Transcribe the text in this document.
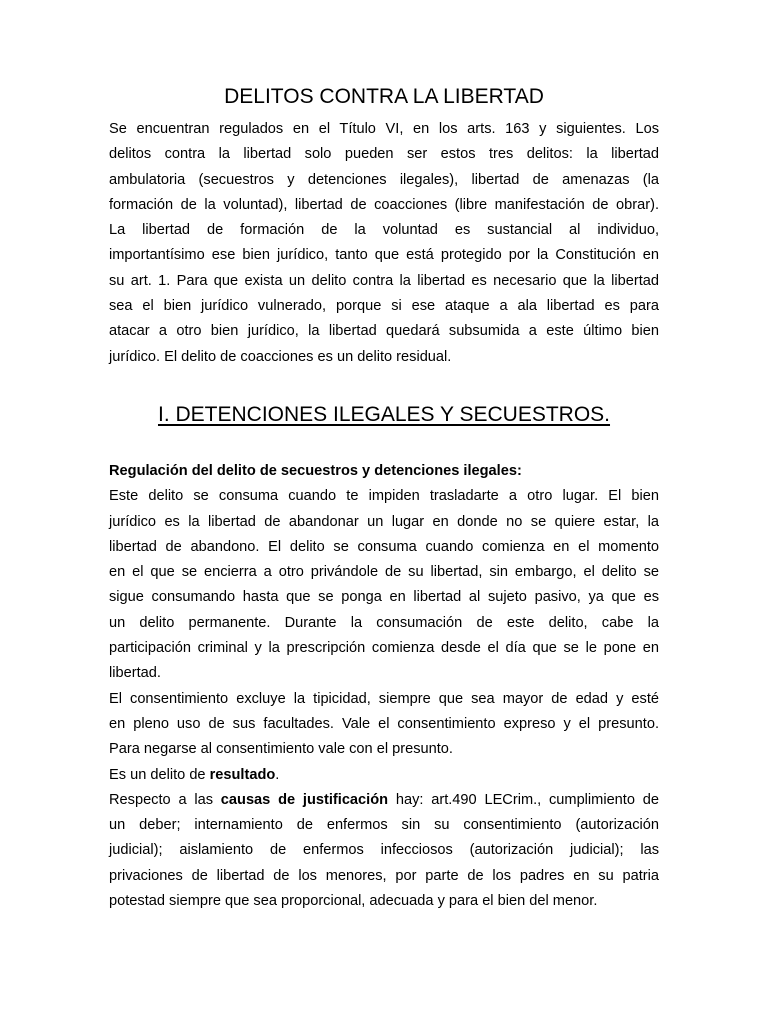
DELITOS CONTRA LA LIBERTAD
Se encuentran regulados en el Título VI, en los arts. 163 y siguientes. Los
delitos contra la libertad solo pueden ser estos tres delitos: la libertad
ambulatoria (secuestros y detenciones ilegales), libertad de amenazas (la
formación de la voluntad), libertad de coacciones (libre manifestación de obrar).
La libertad de formación de la voluntad es sustancial al individuo,
importantísimo ese bien jurídico, tanto que está protegido por la Constitución en
su art. 1. Para que exista un delito contra la libertad es necesario que la libertad
sea el bien jurídico vulnerado, porque si ese ataque a ala libertad es para
atacar a otro bien jurídico, la libertad quedará subsumida a este último bien
jurídico. El delito de coacciones es un delito residual.
I. DETENCIONES ILEGALES Y SECUESTROS.
Regulación del delito de secuestros y detenciones ilegales:
Este delito se consuma cuando te impiden trasladarte a otro lugar. El bien
jurídico es la libertad de abandonar un lugar en donde no se quiere estar, la
libertad de abandono. El delito se consuma cuando comienza en el momento
en el que se encierra a otro privándole de su libertad, sin embargo, el delito se
sigue consumando hasta que se ponga en libertad al sujeto pasivo, ya que es
un delito permanente. Durante la consumación de este delito, cabe la
participación criminal y la prescripción comienza desde el día que se le pone en
libertad.
El consentimiento excluye la tipicidad, siempre que sea mayor de edad y esté
en pleno uso de sus facultades. Vale el consentimiento expreso y el presunto.
Para negarse al consentimiento vale con el presunto.
Es un delito de resultado.
Respecto a las causas de justificación hay: art.490 LECrim., cumplimiento de
un deber; internamiento de enfermos sin su consentimiento (autorización
judicial); aislamiento de enfermos infecciosos (autorización judicial); las
privaciones de libertad de los menores, por parte de los padres en su patria
potestad siempre que sea proporcional, adecuada y para el bien del menor.
